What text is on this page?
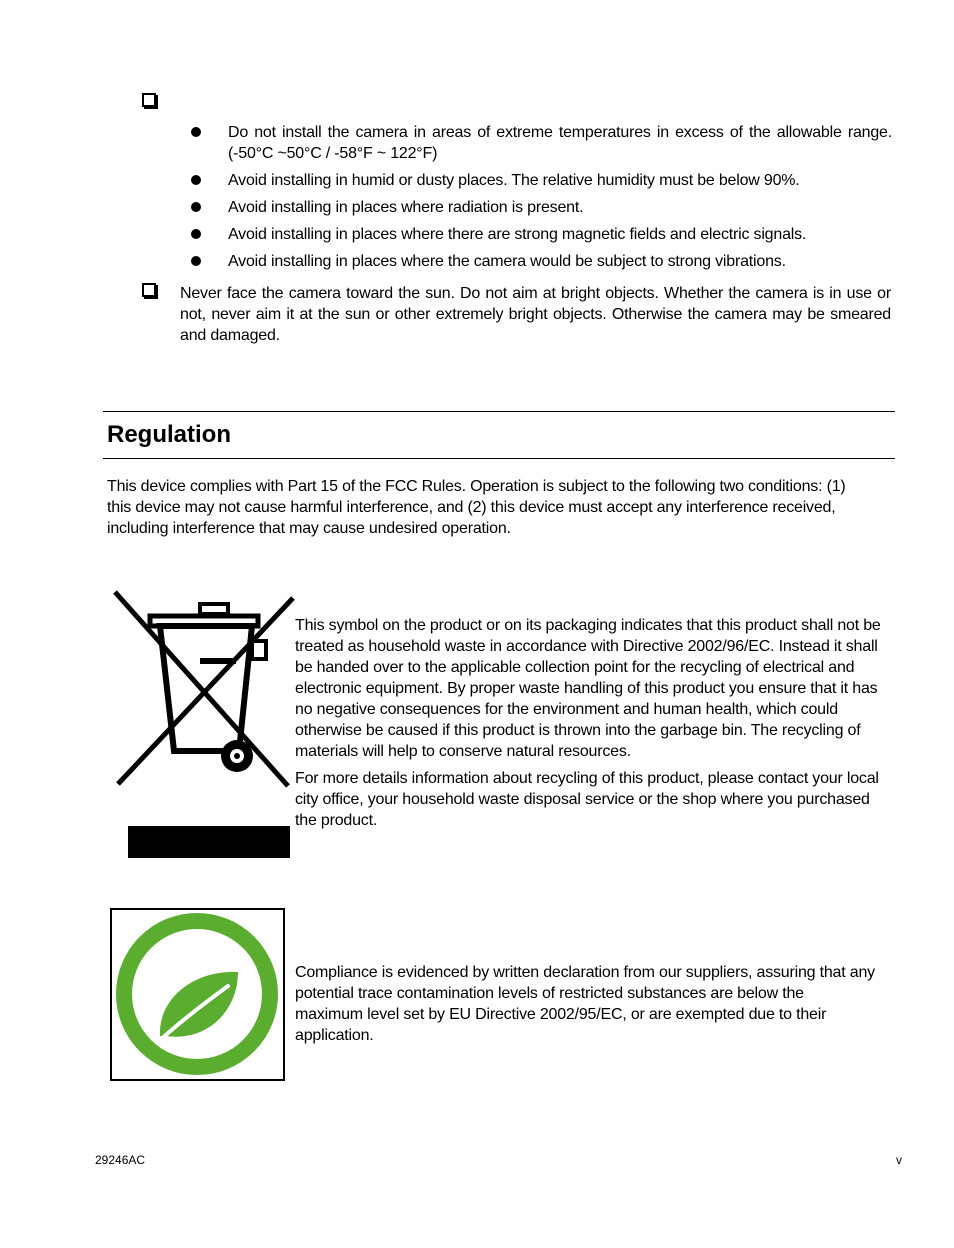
Do not install the camera in areas of extreme temperatures in excess of the allowable range. (-50°C ~50°C / -58°F ~ 122°F)
Avoid installing in humid or dusty places. The relative humidity must be below 90%.
Avoid installing in places where radiation is present.
Avoid installing in places where there are strong magnetic fields and electric signals.
Avoid installing in places where the camera would be subject to strong vibrations.
Never face the camera toward the sun. Do not aim at bright objects. Whether the camera is in use or not, never aim it at the sun or other extremely bright objects. Otherwise the camera may be smeared and damaged.
Regulation
This device complies with Part 15 of the FCC Rules. Operation is subject to the following two conditions: (1) this device may not cause harmful interference, and (2) this device must accept any interference received, including interference that may cause undesired operation.
This symbol on the product or on its packaging indicates that this product shall not be treated as household waste in accordance with Directive 2002/96/EC. Instead it shall be handed over to the applicable collection point for the recycling of electrical and electronic equipment. By proper waste handling of this product you ensure that it has no negative consequences for the environment and human health, which could otherwise be caused if this product is thrown into the garbage bin. The recycling of materials will help to conserve natural resources.
For more details information about recycling of this product, please contact your local city office, your household waste disposal service or the shop where you purchased the product.
Compliance is evidenced by written declaration from our suppliers, assuring that any potential trace contamination levels of restricted substances are below the maximum level set by EU Directive 2002/95/EC, or are exempted due to their application.
29246AC	v
